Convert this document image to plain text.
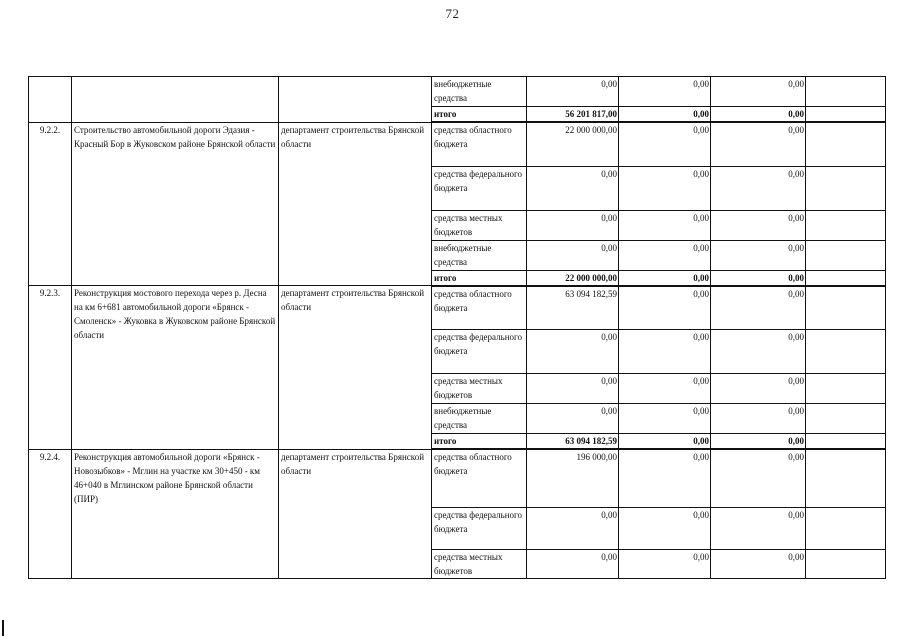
72
			внебюджетные средства	0,00	0,00	0,00	
			итого	56 201 817,00	0,00	0,00	
9.2.2.	Строительство автомобильной дороги Эдазия - Красный Бор в Жуковском районе Брянской области	департамент строительства Брянской области	средства областного бюджета	22 000 000,00	0,00	0,00	
			средства федерального бюджета	0,00	0,00	0,00	
			средства местных бюджетов	0,00	0,00	0,00	
			внебюджетные средства	0,00	0,00	0,00	
			итого	22 000 000,00	0,00	0,00	
9.2.3.	Реконструкция мостового перехода через р. Десна на км 6+681 автомобильной дороги «Брянск - Смоленск» - Жуковка в Жуковском районе Брянской области	департамент строительства Брянской области	средства областного бюджета	63 094 182,59	0,00	0,00	
			средства федерального бюджета	0,00	0,00	0,00	
			средства местных бюджетов	0,00	0,00	0,00	
			внебюджетные средства	0,00	0,00	0,00	
			итого	63 094 182,59	0,00	0,00	
9.2.4.	Реконструкция автомобильной дороги «Брянск - Новозыбков» - Мглин на участке км 30+450 - км 46+040 в Мглинском районе Брянской области (ПИР)	департамент строительства Брянской области	средства областного бюджета	196 000,00	0,00	0,00	
			средства федерального бюджета	0,00	0,00	0,00	
			средства местных бюджетов	0,00	0,00	0,00	
